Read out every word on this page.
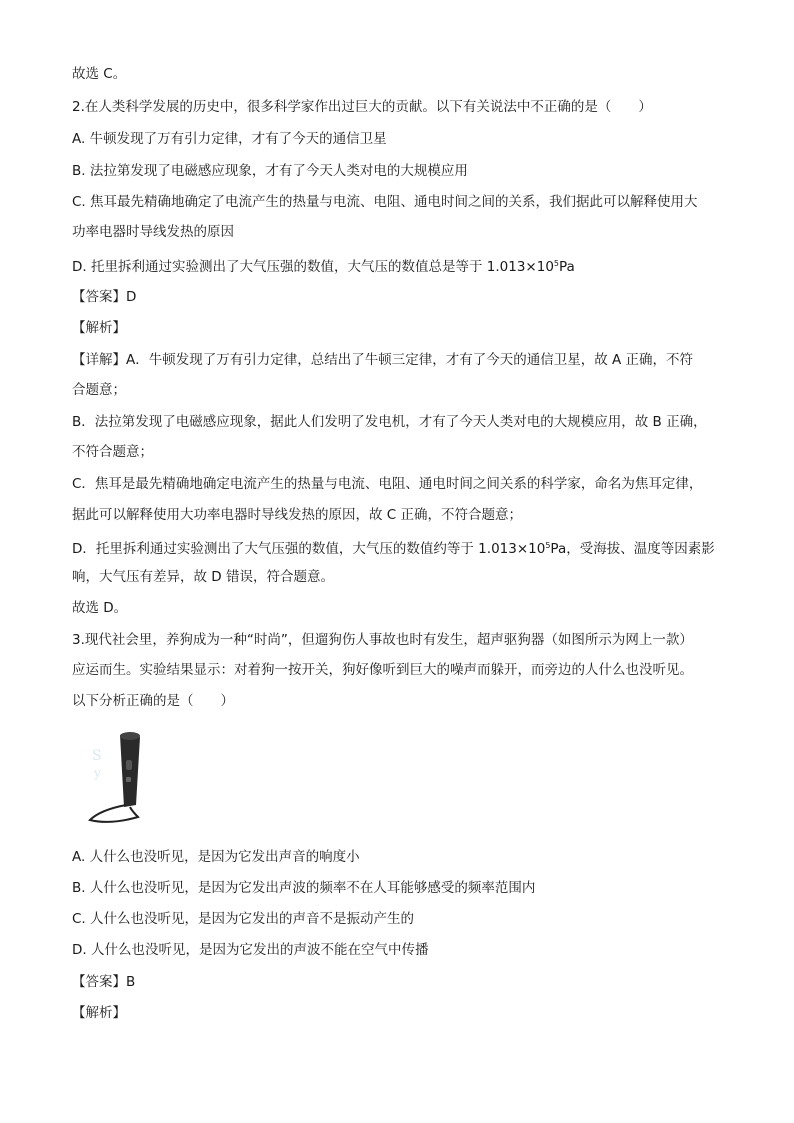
故选 C。
2.在人类科学发展的历史中，很多科学家作出过巨大的贡献。以下有关说法中不正确的是（　　）
A. 牛顿发现了万有引力定律，才有了今天的通信卫星
B. 法拉第发现了电磁感应现象，才有了今天人类对电的大规模应用
C. 焦耳最先精确地确定了电流产生的热量与电流、电阻、通电时间之间的关系，我们据此可以解释使用大
功率电器时导线发热的原因
D. 托里拆利通过实验测出了大气压强的数值，大气压的数值总是等于 $1.013\times 10^5Pa$
【答案】D
【解析】
【详解】A．牛顿发现了万有引力定律，总结出了牛顿三定律，才有了今天的通信卫星，故 A 正确，不符
合题意；
B．法拉第发现了电磁感应现象，据此人们发明了发电机，才有了今天人类对电的大规模应用，故 B 正确，
不符合题意；
C．焦耳是最先精确地确定电流产生的热量与电流、电阻、通电时间之间关系的科学家，命名为焦耳定律，
据此可以解释使用大功率电器时导线发热的原因，故 C 正确，不符合题意；
D．托里拆利通过实验测出了大气压强的数值，大气压的数值约等于 $1.013\times 10^5Pa$，受海拔、温度等因素影
响，大气压有差异，故 D 错误，符合题意。
故选 D。
3.现代社会里，养狗成为一种“时尚”，但遛狗伤人事故也时有发生，超声驱狗器（如图所示为网上一款）
应运而生。实验结果显示：对着狗一按开关，狗好像听到巨大的噪声而躲开，而旁边的人什么也没听见。
以下分析正确的是（　　）
S
y
A. 人什么也没听见，是因为它发出声音的响度小
B. 人什么也没听见，是因为它发出声波的频率不在人耳能够感受的频率范围内
C. 人什么也没听见，是因为它发出的声音不是振动产生的
D. 人什么也没听见，是因为它发出的声波不能在空气中传播
【答案】B
【解析】
